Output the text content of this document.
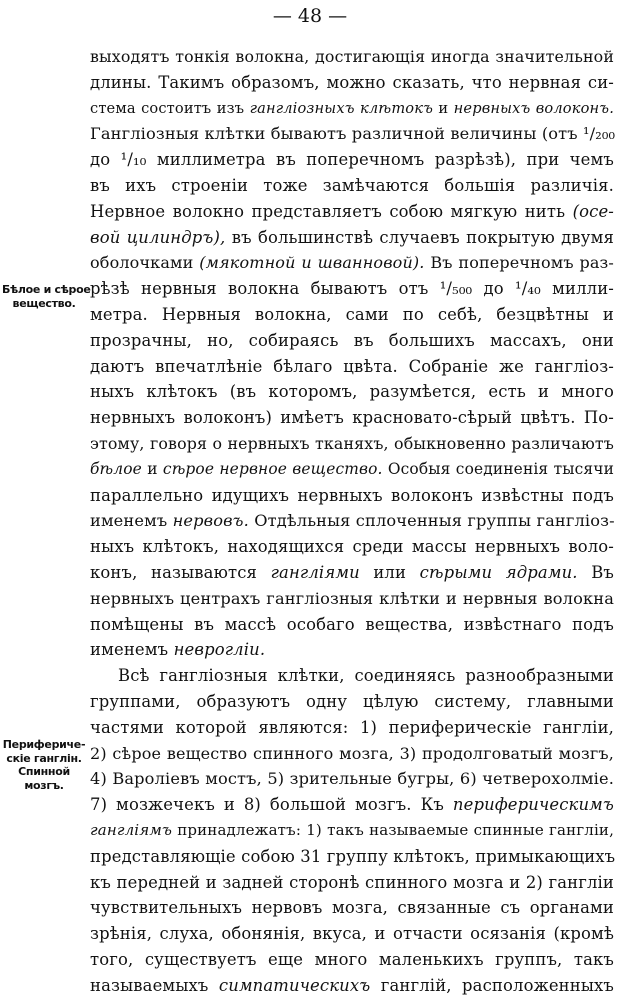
— 48 —

Бѣлое и сѣрое
вещество.
Перифериче-
скіе ганглін.
Спинной
мозгъ.
выходятъ тонкія волокна, достигающія иногда значительной
длины. Такимъ образомъ, можно сказать, что нервная си-
стема состоитъ изъ ганглiозныхъ клѣтокъ и нервныхъ волоконъ.
Ганглiозныя клѣтки бываютъ различной величины (отъ ¹/₂₀₀
до ¹/₁₀ миллиметра въ поперечномъ разрѣзѣ), при чемъ
въ ихъ строеніи тоже замѣчаются большія различія.
Нервное волокно представляетъ собою мягкую нить (осе-
вой цилиндръ), въ большинствѣ случаевъ покрытую двумя
оболочками (мякотной и шванновой). Въ поперечномъ раз-
рѣзѣ нервныя волокна бываютъ отъ ¹/₅₀₀ до ¹/₄₀ милли-
метра. Нервныя волокна, сами по себѣ, безцвѣтны и
прозрачны, но, собираясь въ большихъ массахъ, они
даютъ впечатлѣніе бѣлаго цвѣта. Собраніе же гангліоз-
ныхъ клѣтокъ (въ которомъ, разумѣется, есть и много
нервныхъ волоконъ) имѣетъ красновато-сѣрый цвѣтъ. По-
этому, говоря о нервныхъ тканяхъ, обыкновенно различаютъ
бѣлое и сѣрое нервное вещество. Особыя соединенія тысячи
параллельно идущихъ нервныхъ волоконъ извѣстны подъ
именемъ нервовъ. Отдѣльныя сплоченныя группы гангліоз-
ныхъ клѣтокъ, находящихся среди массы нервныхъ воло-
конъ, называются гангліями или сѣрыми ядрами. Въ
нервныхъ центрахъ гангліозныя клѣтки и нервныя волокна
помѣщены въ массѣ особаго вещества, извѣстнаго подъ
именемъ невроглiи.
Всѣ гангліозныя клѣтки, соединяясь разнообразными
группами, образуютъ одну цѣлую систему, главными
частями которой являются: 1) периферическіе ганглiи,
2) сѣрое вещество спинного мозга, 3) продолговатый мозгъ,
4) Варолiевъ мостъ, 5) зрительные бугры, 6) четверохолміе.
7) мозжечекъ и 8) большой мозгъ. Къ периферическимъ
гангліямъ принадлежатъ: 1) такъ называемые спинные ганглiи,
представляющіе собою 31 группу клѣтокъ, примыкающихъ
къ передней и задней сторонѣ спинного мозга и 2) ганглiи
чувствительныхъ нервовъ мозга, связанные съ органами
зрѣнія, слуха, обонянія, вкуса, и отчасти осязанія (кромѣ
того, существуетъ еще много маленькихъ группъ, такъ
называемыхъ симпатическихъ ганглій, расположенныхъ
